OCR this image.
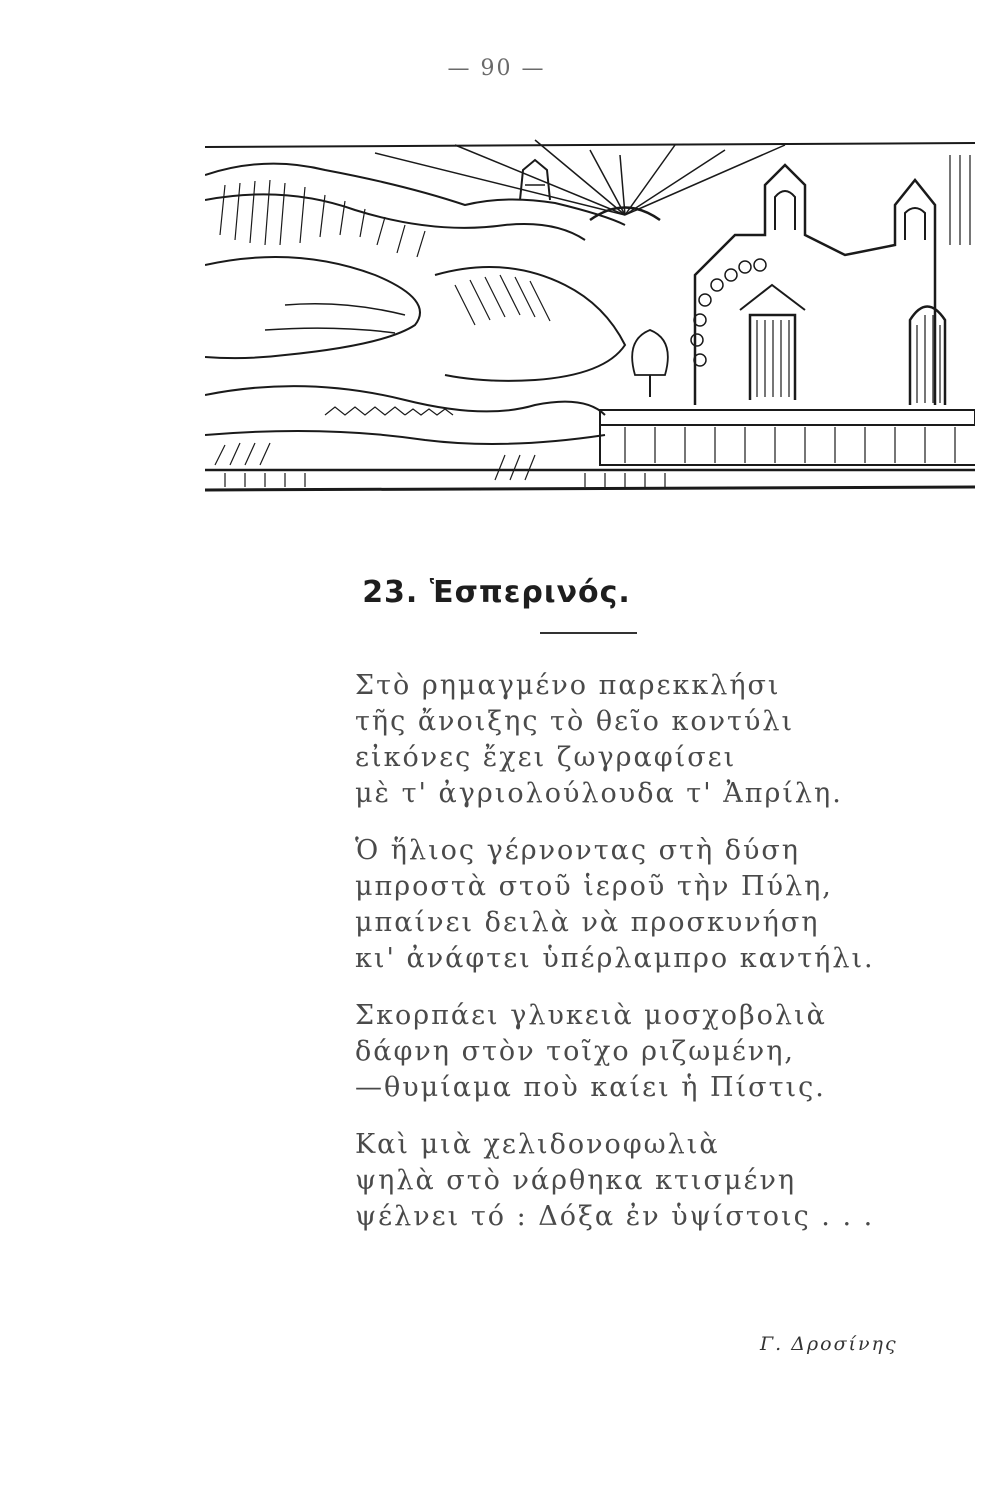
— 90 —
23. Ἑσπερινός.
Στὸ ρημαγμένο παρεκκλήσι
τῆς ἄνοιξης τὸ θεῖο κοντύλι
εἰκόνες ἔχει ζωγραφίσει
μὲ τ' ἀγριολούλουδα τ' Ἀπρίλη.
Ὁ ἥλιος γέρνοντας στὴ δύση
μπροστὰ στοῦ ἱεροῦ τὴν Πύλη,
μπαίνει δειλὰ νὰ προσκυνήση
κι' ἀνάφτει ὑπέρλαμπρο καντήλι.
Σκορπάει γλυκειὰ μοσχοβολιὰ
δάφνη στὸν τοῖχο ριζωμένη,
—θυμίαμα ποὺ καίει ἡ Πίστις.
Καὶ μιὰ χελιδονοφωλιὰ
ψηλὰ στὸ νάρθηκα κτισμένη
ψέλνει τό : Δόξα ἐν ὑψίστοις . . .
Γ. Δροσίνης
